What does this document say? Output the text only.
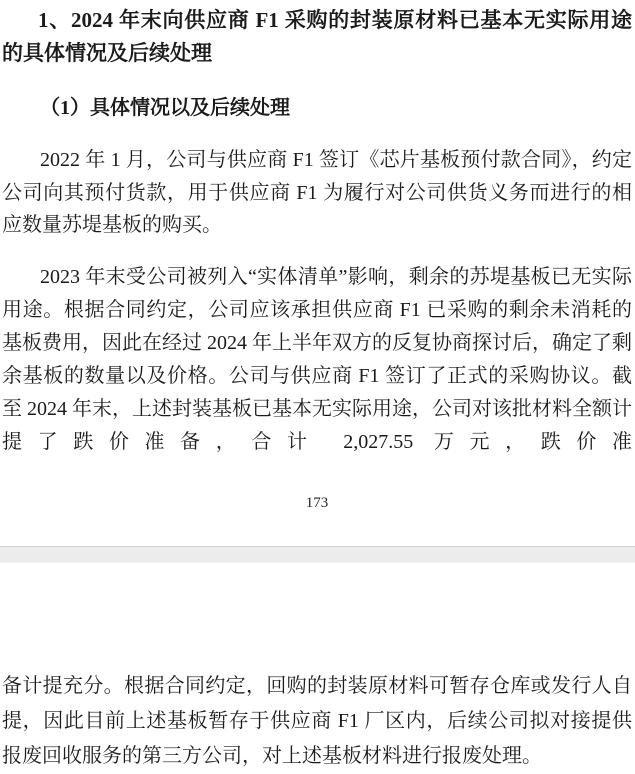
1、2024 年末向供应商 F1 采购的封装原材料已基本无实际用途的具体情况及后续处理
（1）具体情况以及后续处理

2022 年 1 月，公司与供应商 F1 签订《芯片基板预付款合同》，约定公司向其预付货款，用于供应商 F1 为履行对公司供货义务而进行的相应数量苏堤基板的购买。

2023 年末受公司被列入“实体清单”影响，剩余的苏堤基板已无实际用途。根据合同约定，公司应该承担供应商 F1 已采购的剩余未消耗的基板费用，因此在经过 2024 年上半年双方的反复协商探讨后，确定了剩余基板的数量以及价格。公司与供应商 F1 签订了正式的采购协议。截至 2024 年末，上述封装基板已基本无实际用途，公司对该批材料全额计提了跌价准备，合计 2,027.55 万元，跌价准

173

备计提充分。根据合同约定，回购的封装原材料可暂存仓库或发行人自提，因此目前上述基板暂存于供应商 F1 厂区内，后续公司拟对接提供报废回收服务的第三方公司，对上述基板材料进行报废处理。
